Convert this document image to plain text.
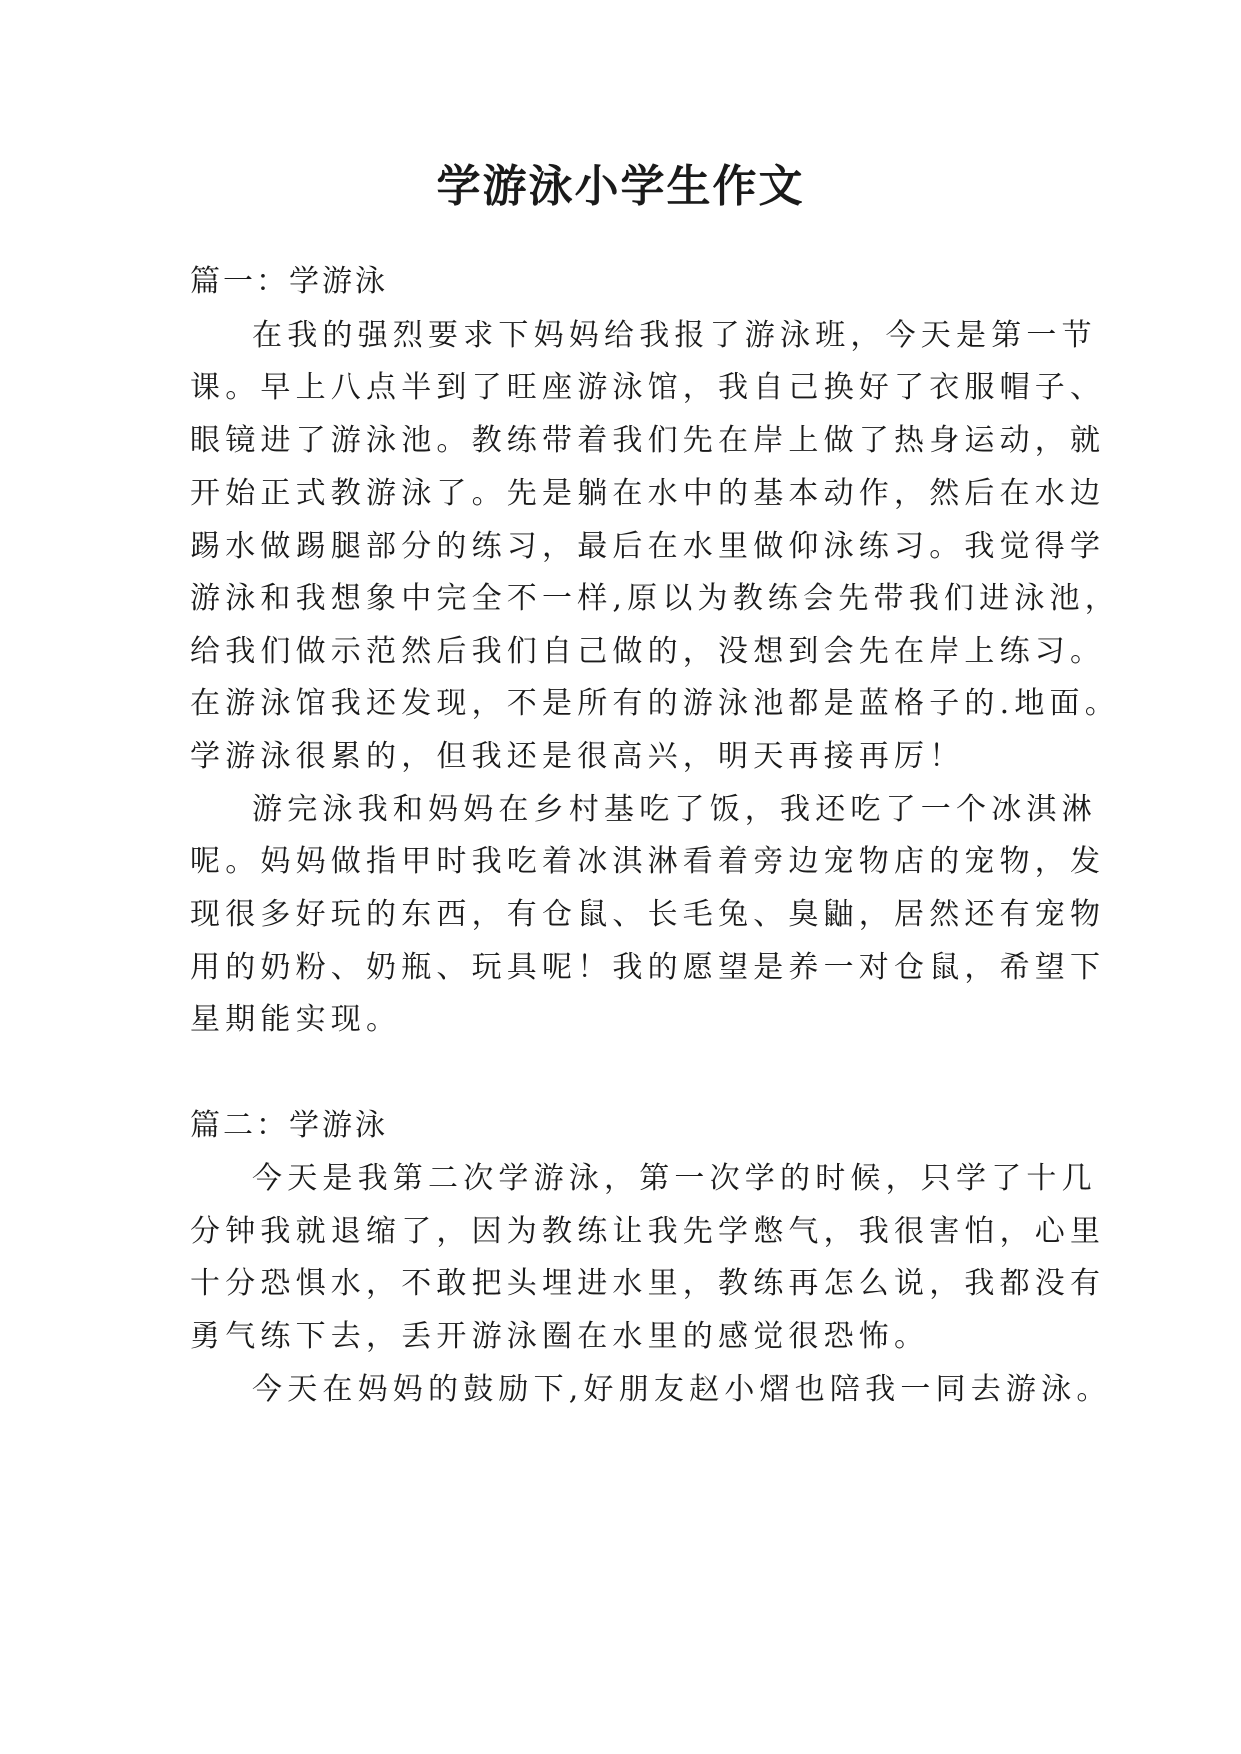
学游泳小学生作文
篇一：学游泳
在我的强烈要求下妈妈给我报了游泳班，今天是第一节
课。早上八点半到了旺座游泳馆，我自己换好了衣服帽子、
眼镜进了游泳池。教练带着我们先在岸上做了热身运动，就
开始正式教游泳了。先是躺在水中的基本动作，然后在水边
踢水做踢腿部分的练习，最后在水里做仰泳练习。我觉得学
游泳和我想象中完全不一样,原以为教练会先带我们进泳池，
给我们做示范然后我们自己做的，没想到会先在岸上练习。
在游泳馆我还发现，不是所有的游泳池都是蓝格子的.地面。
学游泳很累的，但我还是很高兴，明天再接再厉！
游完泳我和妈妈在乡村基吃了饭，我还吃了一个冰淇淋
呢。妈妈做指甲时我吃着冰淇淋看着旁边宠物店的宠物，发
现很多好玩的东西，有仓鼠、长毛兔、臭鼬，居然还有宠物
用的奶粉、奶瓶、玩具呢！我的愿望是养一对仓鼠，希望下
星期能实现。
篇二：学游泳
今天是我第二次学游泳，第一次学的时候，只学了十几
分钟我就退缩了，因为教练让我先学憋气，我很害怕，心里
十分恐惧水，不敢把头埋进水里，教练再怎么说，我都没有
勇气练下去，丢开游泳圈在水里的感觉很恐怖。
今天在妈妈的鼓励下,好朋友赵小熠也陪我一同去游泳。
